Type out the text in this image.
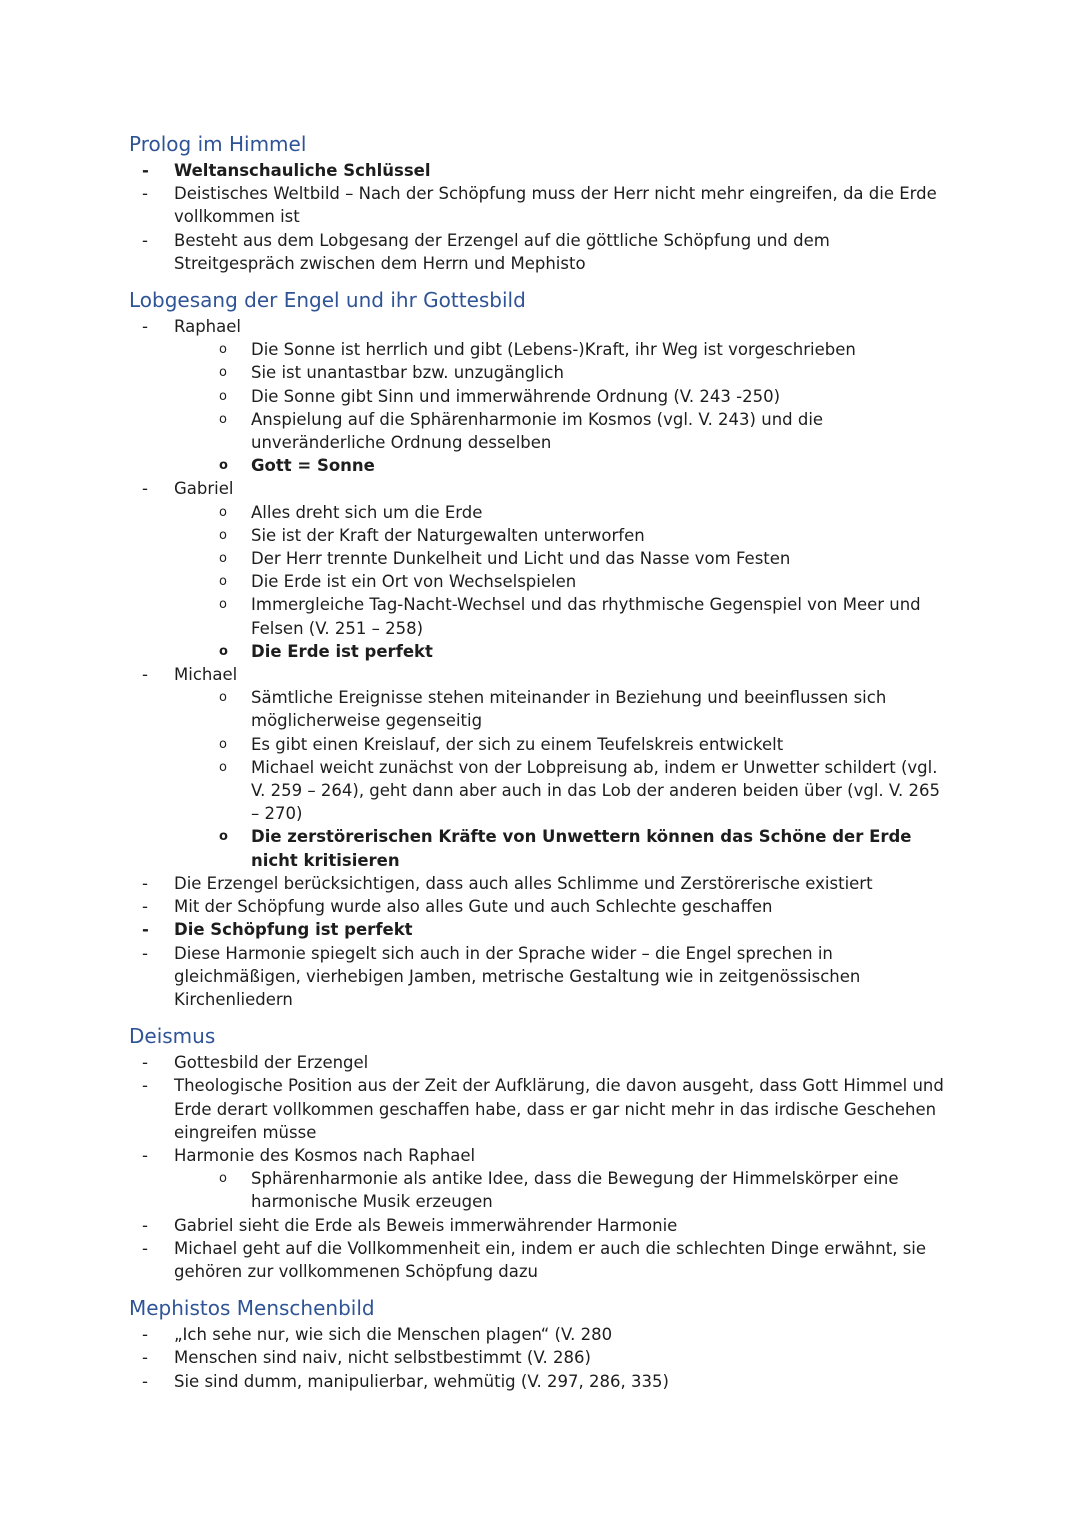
Prolog im Himmel
- Weltanschauliche Schlüssel
- Deistisches Weltbild – Nach der Schöpfung muss der Herr nicht mehr eingreifen, da die Erde vollkommen ist
- Besteht aus dem Lobgesang der Erzengel auf die göttliche Schöpfung und dem Streitgespräch zwischen dem Herrn und Mephisto
Lobgesang der Engel und ihr Gottesbild
- Raphael
o Die Sonne ist herrlich und gibt (Lebens-)Kraft, ihr Weg ist vorgeschrieben
o Sie ist unantastbar bzw. unzugänglich
o Die Sonne gibt Sinn und immerwährende Ordnung (V. 243 -250)
o Anspielung auf die Sphärenharmonie im Kosmos (vgl. V. 243) und die unveränderliche Ordnung desselben
o Gott = Sonne
- Gabriel
o Alles dreht sich um die Erde
o Sie ist der Kraft der Naturgewalten unterworfen
o Der Herr trennte Dunkelheit und Licht und das Nasse vom Festen
o Die Erde ist ein Ort von Wechselspielen
o Immergleiche Tag-Nacht-Wechsel und das rhythmische Gegenspiel von Meer und Felsen (V. 251 – 258)
o Die Erde ist perfekt
- Michael
o Sämtliche Ereignisse stehen miteinander in Beziehung und beeinflussen sich möglicherweise gegenseitig
o Es gibt einen Kreislauf, der sich zu einem Teufelskreis entwickelt
o Michael weicht zunächst von der Lobpreisung ab, indem er Unwetter schildert (vgl. V. 259 – 264), geht dann aber auch in das Lob der anderen beiden über (vgl. V. 265 – 270)
o Die zerstörerischen Kräfte von Unwettern können das Schöne der Erde nicht kritisieren
- Die Erzengel berücksichtigen, dass auch alles Schlimme und Zerstörerische existiert
- Mit der Schöpfung wurde also alles Gute und auch Schlechte geschaffen
- Die Schöpfung ist perfekt
- Diese Harmonie spiegelt sich auch in der Sprache wider – die Engel sprechen in gleichmäßigen, vierhebigen Jamben, metrische Gestaltung wie in zeitgenössischen Kirchenliedern
Deismus
- Gottesbild der Erzengel
- Theologische Position aus der Zeit der Aufklärung, die davon ausgeht, dass Gott Himmel und Erde derart vollkommen geschaffen habe, dass er gar nicht mehr in das irdische Geschehen eingreifen müsse
- Harmonie des Kosmos nach Raphael
o Sphärenharmonie als antike Idee, dass die Bewegung der Himmelskörper eine harmonische Musik erzeugen
- Gabriel sieht die Erde als Beweis immerwährender Harmonie
- Michael geht auf die Vollkommenheit ein, indem er auch die schlechten Dinge erwähnt, sie gehören zur vollkommenen Schöpfung dazu
Mephistos Menschenbild
- „Ich sehe nur, wie sich die Menschen plagen“ (V. 280
- Menschen sind naiv, nicht selbstbestimmt (V. 286)
- Sie sind dumm, manipulierbar, wehmütig (V. 297, 286, 335)
